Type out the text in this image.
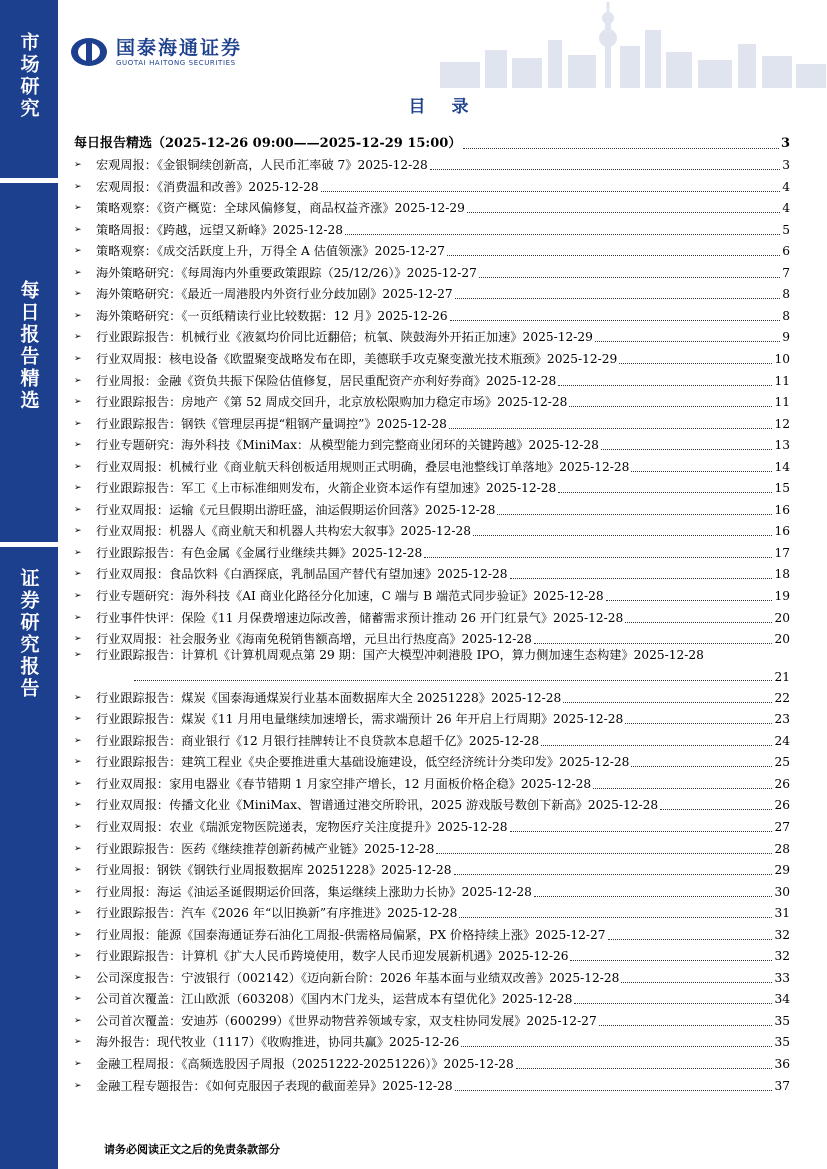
市场研究
每日报告精选
证券研究报告
国泰海通证券
GUOTAI HAITONG SECURITIES
目 录
每日报告精选（2025-12-26 09:00——2025-12-29 15:00）	3
➢	宏观周报：《金银铜续创新高，人民币汇率破 7》2025-12-28	3
➢	宏观周报：《消费温和改善》2025-12-28	4
➢	策略观察：《资产概览：全球风偏修复，商品权益齐涨》2025-12-29	4
➢	策略周报：《跨越，远望又新峰》2025-12-28	5
➢	策略观察：《成交活跃度上升，万得全 A 估值领涨》2025-12-27	6
➢	海外策略研究：《每周海内外重要政策跟踪（25/12/26）》2025-12-27	7
➢	海外策略研究：《最近一周港股内外资行业分歧加剧》2025-12-27	8
➢	海外策略研究：《一页纸精读行业比较数据：12 月》2025-12-26	8
➢	行业跟踪报告：机械行业《液氦均价同比近翻倍；杭氧、陕鼓海外开拓正加速》2025-12-29	9
➢	行业双周报：核电设备《欧盟聚变战略发布在即，美德联手攻克聚变激光技术瓶颈》2025-12-29	10
➢	行业周报：金融《资负共振下保险估值修复，居民重配资产亦利好券商》2025-12-28	11
➢	行业跟踪报告：房地产《第 52 周成交回升，北京放松限购加力稳定市场》2025-12-28	11
➢	行业跟踪报告：钢铁《管理层再提“粗钢产量调控”》2025-12-28	12
➢	行业专题研究：海外科技《MiniMax：从模型能力到完整商业闭环的关键跨越》2025-12-28	13
➢	行业双周报：机械行业《商业航天科创板适用规则正式明确，叠层电池整线订单落地》2025-12-28	14
➢	行业跟踪报告：军工《上市标准细则发布，火箭企业资本运作有望加速》2025-12-28	15
➢	行业双周报：运输《元旦假期出游旺盛，油运假期运价回落》2025-12-28	16
➢	行业双周报：机器人《商业航天和机器人共构宏大叙事》2025-12-28	16
➢	行业跟踪报告：有色金属《金属行业继续共舞》2025-12-28	17
➢	行业双周报：食品饮料《白酒探底，乳制品国产替代有望加速》2025-12-28	18
➢	行业专题研究：海外科技《AI 商业化路径分化加速，C 端与 B 端范式同步验证》2025-12-28	19
➢	行业事件快评：保险《11 月保费增速边际改善，储蓄需求预计推动 26 开门红景气》2025-12-28	20
➢	行业双周报：社会服务业《海南免税销售额高增，元旦出行热度高》2025-12-28	20
➢	行业跟踪报告：计算机《计算机周观点第 29 期：国产大模型冲刺港股 IPO，算力侧加速生态构建》2025-12-28
21
➢	行业跟踪报告：煤炭《国泰海通煤炭行业基本面数据库大全 20251228》2025-12-28	22
➢	行业跟踪报告：煤炭《11 月用电量继续加速增长，需求端预计 26 年开启上行周期》2025-12-28	23
➢	行业跟踪报告：商业银行《12 月银行挂牌转让不良贷款本息超千亿》2025-12-28	24
➢	行业跟踪报告：建筑工程业《央企要推进重大基础设施建设，低空经济统计分类印发》2025-12-28	25
➢	行业双周报：家用电器业《春节错期 1 月家空排产增长，12 月面板价格企稳》2025-12-28	26
➢	行业双周报：传播文化业《MiniMax、智谱通过港交所聆讯，2025 游戏版号数创下新高》2025-12-28	26
➢	行业双周报：农业《瑞派宠物医院递表，宠物医疗关注度提升》2025-12-28	27
➢	行业跟踪报告：医药《继续推荐创新药械产业链》2025-12-28	28
➢	行业周报：钢铁《钢铁行业周报数据库 20251228》2025-12-28	29
➢	行业周报：海运《油运圣诞假期运价回落，集运继续上涨助力长协》2025-12-28	30
➢	行业跟踪报告：汽车《2026 年“以旧换新”有序推进》2025-12-28	31
➢	行业周报：能源《国泰海通证券石油化工周报-供需格局偏紧，PX 价格持续上涨》2025-12-27	32
➢	行业跟踪报告：计算机《扩大人民币跨境使用，数字人民币迎发展新机遇》2025-12-26	32
➢	公司深度报告：宁波银行（002142）《迈向新台阶：2026 年基本面与业绩双改善》2025-12-28	33
➢	公司首次覆盖：江山欧派（603208）《国内木门龙头，运营成本有望优化》2025-12-28	34
➢	公司首次覆盖：安迪苏（600299）《世界动物营养领域专家，双支柱协同发展》2025-12-27	35
➢	海外报告：现代牧业（1117）《收购推进，协同共赢》2025-12-26	35
➢	金融工程周报：《高频选股因子周报（20251222-20251226）》2025-12-28	36
➢	金融工程专题报告：《如何克服因子表现的截面差异》2025-12-28	37
请务必阅读正文之后的免责条款部分
